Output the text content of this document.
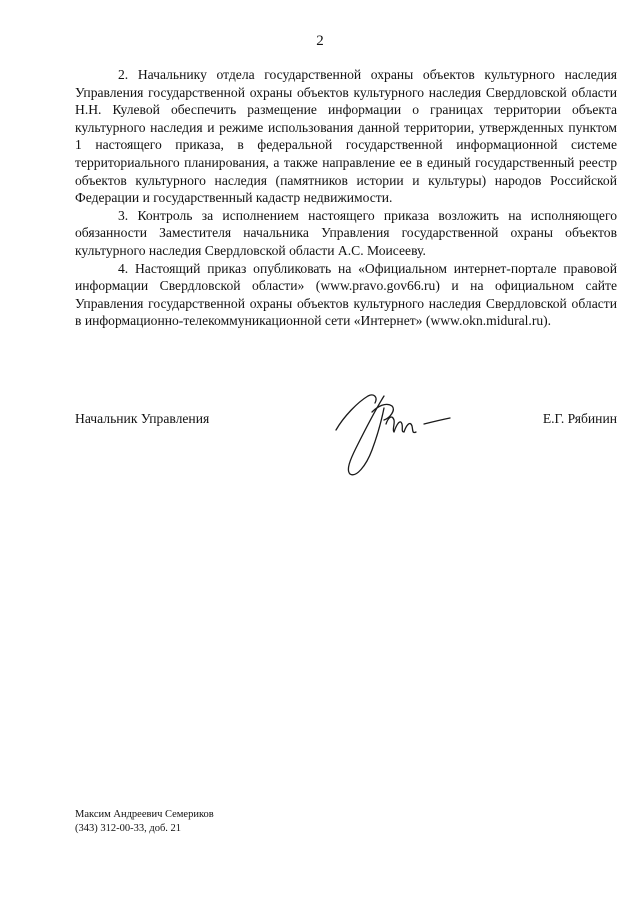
2

2. Начальнику отдела государственной охраны объектов культурного наследия Управления государственной охраны объектов культурного наследия Свердловской области Н.Н. Кулевой обеспечить размещение информации о границах территории объекта культурного наследия и режиме использования данной территории, утвержденных пунктом 1 настоящего приказа, в федеральной государственной информационной системе территориального планирования, а также направление ее в единый государственный реестр объектов культурного наследия (памятников истории и культуры) народов Российской Федерации и государственный кадастр недвижимости.

3. Контроль за исполнением настоящего приказа возложить на исполняющего обязанности Заместителя начальника Управления государственной охраны объектов культурного наследия Свердловской области А.С. Моисееву.

4. Настоящий приказ опубликовать на «Официальном интернет-портале правовой информации Свердловской области» (www.pravo.gov66.ru) и на официальном сайте Управления государственной охраны объектов культурного наследия Свердловской области в информационно-телекоммуникационной сети «Интернет» (www.okn.midural.ru).

Начальник Управления	Е.Г. Рябинин
Максим Андреевич Семериков
(343) 312-00-33, доб. 21
